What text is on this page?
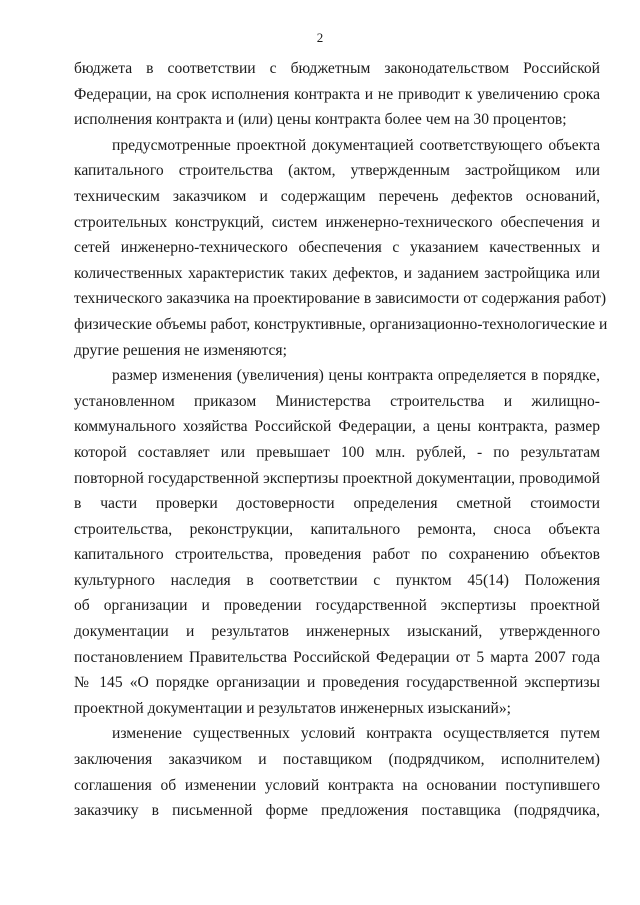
2

бюджета в соответствии с бюджетным законодательством Российской
Федерации, на срок исполнения контракта и не приводит к увеличению срока
исполнения контракта и (или) цены контракта более чем на 30 процентов;

предусмотренные проектной документацией соответствующего объекта
капитального строительства (актом, утвержденным застройщиком или
техническим заказчиком и содержащим перечень дефектов оснований,
строительных конструкций, систем инженерно-технического обеспечения и
сетей инженерно-технического обеспечения с указанием качественных и
количественных характеристик таких дефектов, и заданием застройщика или
технического заказчика на проектирование в зависимости от содержания работ)
физические объемы работ, конструктивные, организационно-технологические и
другие решения не изменяются;

размер изменения (увеличения) цены контракта определяется в порядке,
установленном приказом Министерства строительства и жилищно-
коммунального хозяйства Российской Федерации, а цены контракта, размер
которой составляет или превышает 100 млн. рублей, - по результатам
повторной государственной экспертизы проектной документации, проводимой
в части проверки достоверности определения сметной стоимости
строительства, реконструкции, капитального ремонта, сноса объекта
капитального строительства, проведения работ по сохранению объектов
культурного наследия в соответствии с пунктом 45(14) Положения
об организации и проведении государственной экспертизы проектной
документации и результатов инженерных изысканий, утвержденного
постановлением Правительства Российской Федерации от 5 марта 2007 года
№ 145 «О порядке организации и проведения государственной экспертизы
проектной документации и результатов инженерных изысканий»;

изменение существенных условий контракта осуществляется путем
заключения заказчиком и поставщиком (подрядчиком, исполнителем)
соглашения об изменении условий контракта на основании поступившего
заказчику в письменной форме предложения поставщика (подрядчика,
